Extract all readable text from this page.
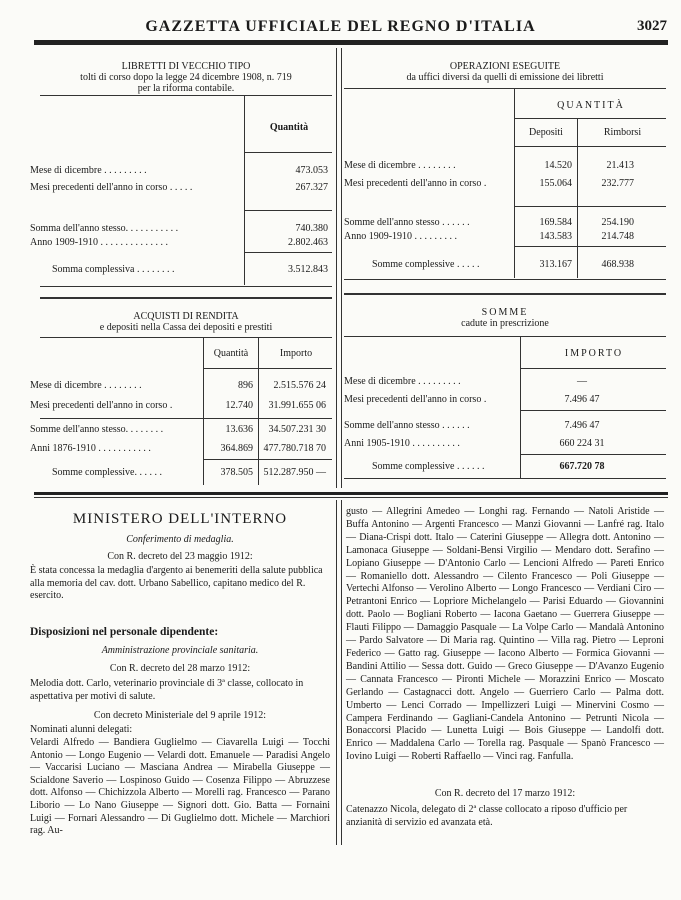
GAZZETTA UFFICIALE DEL REGNO D'ITALIA	3027
LIBRETTI DI VECCHIO TIPO
tolti di corso dopo la legge 24 dicembre 1908, n. 719
per la riforma contabile.
Quantità
Mese di dicembre . . . . . . . . .	473.053
Mesi precedenti dell'anno in corso . . . . .	267.327
Somma dell'anno stesso. . . . . . . . . . .	740.380
Anno 1909-1910 . . . . . . . . . . . . . .	2.802.463
Somma complessiva . . . . . . . .	3.512.843
OPERAZIONI ESEGUITE
da uffici diversi da quelli di emissione dei libretti
QUANTITÀ
Depositi	Rimborsi
Mese di dicembre . . . . . . . .	14.520	21.413
Mesi precedenti dell'anno in corso .	155.064	232.777
Somme dell'anno stesso . . . . . .	169.584	254.190
Anno 1909-1910 . . . . . . . . .	143.583	214.748
Somme complessive . . . . .	313.167	468.938
ACQUISTI DI RENDITA
e depositi nella Cassa dei depositi e prestiti
Quantità	Importo
Mese di dicembre . . . . . . . .	896	2.515.576 24
Mesi precedenti dell'anno in corso .	12.740	31.991.655 06
Somme dell'anno stesso. . . . . . . .	13.636	34.507.231 30
Anni 1876-1910 . . . . . . . . . . .	364.869	477.780.718 70
Somme complessive. . . . . .	378.505	512.287.950 —
SOMME
cadute in prescrizione
IMPORTO
Mese di dicembre . . . . . . . . .	—
Mesi precedenti dell'anno in corso .	7.496 47
Somme dell'anno stesso . . . . . .	7.496 47
Anni 1905-1910 . . . . . . . . . .	660 224 31
Somme complessive . . . . . .	667.720 78
MINISTERO DELL'INTERNO
Conferimento di medaglia.
Con R. decreto del 23 maggio 1912:
È stata concessa la medaglia d'argento ai benemeriti della salute pubblica alla memoria del cav. dott. Urbano Sabellico, capitano medico del R. esercito.
Disposizioni nel personale dipendente:
Amministrazione provinciale sanitaria.
Con R. decreto del 28 marzo 1912:
Melodia dott. Carlo, veterinario provinciale di 3ª classe, collocato in aspettativa per motivi di salute.
Con decreto Ministeriale del 9 aprile 1912:
Nominati alunni delegati:
Velardi Alfredo — Bandiera Guglielmo — Ciavarella Luigi — Tocchi Antonio — Longo Eugenio — Velardi dott. Emanuele — Paradisi Angelo — Vaccarisi Luciano — Masciana Andrea — Mirabella Giuseppe — Scialdone Saverio — Lospinoso Guido — Cosenza Filippo — Abruzzese dott. Alfonso — Chichizzola Alberto — Morelli rag. Francesco — Parano Liborio — Lo Nano Giuseppe — Signori dott. Gio. Batta — Fornaini Luigi — Fornari Alessandro — Di Guglielmo dott. Michele — Marchiori rag. Au-
gusto — Allegrini Amedeo — Longhi rag. Fernando — Natoli Aristide — Buffa Antonino — Argenti Francesco — Manzi Giovanni — Lanfré rag. Italo — Diana-Crispi dott. Italo — Caterini Giuseppe — Allegra dott. Antonino — Lamonaca Giuseppe — Soldani-Bensi Virgilio — Mendaro dott. Serafino — Lopiano Giuseppe — D'Antonio Carlo — Lencioni Alfredo — Pareti Enrico — Romaniello dott. Alessandro — Cilento Francesco — Poli Giuseppe — Vertechi Alfonso — Verolino Alberto — Longo Francesco — Verdiani Ciro — Petrantoni Enrico — Lopriore Michelangelo — Parisi Eduardo — Giovannini dott. Paolo — Bogliani Roberto — Iacona Gaetano — Guerrera Giuseppe — Flauti Filippo — Damaggio Pasquale — La Volpe Carlo — Mandalà Antonino — Pardo Salvatore — Di Maria rag. Quintino — Villa rag. Pietro — Leproni Federico — Gatto rag. Giuseppe — Iacono Alberto — Formica Giovanni — Bandini Attilio — Sessa dott. Guido — Greco Giuseppe — D'Avanzo Eugenio — Cannata Francesco — Pironti Michele — Morazzini Enrico — Moscato Gerlando — Castagnacci dott. Angelo — Guerriero Carlo — Palma dott. Umberto — Lenci Corrado — Impellizzeri Luigi — Minervini Cosmo — Campera Ferdinando — Gagliani-Candela Antonino — Petrunti Nicola — Bonaccorsi Placido — Lunetta Luigi — Bois Giuseppe — Landolfi dott. Enrico — Maddalena Carlo — Torella rag. Pasquale — Spanò Francesco — Iovino Luigi — Roberti Raffaello — Vinci rag. Fanfulla.
Con R. decreto del 17 marzo 1912:
Catenazzo Nicola, delegato di 2ª classe collocato a riposo d'ufficio per anzianità di servizio ed avanzata età.
